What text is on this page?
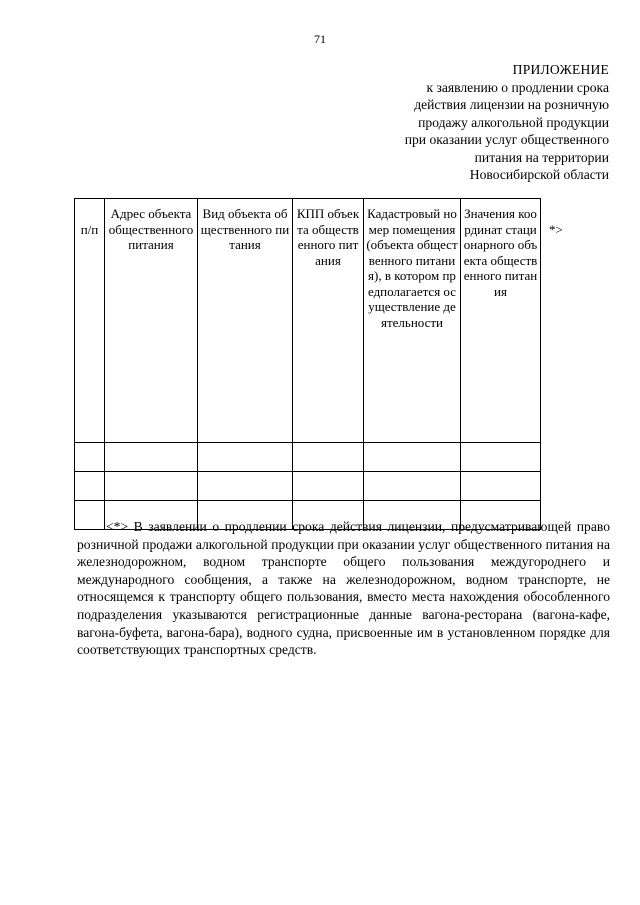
71
ПРИЛОЖЕНИЕ
к заявлению о продлении срока
действия лицензии на розничную
продажу алкогольной продукции
при оказании услуг общественного
питания на территории
Новосибирской области
п/п	Адрес объекта общественного питания	Вид объекта общественного питания	КПП объекта общественного питания	Кадастровый номер помещения (объекта общественного питания), в котором предполагается осуществление деятельности	Значения координат стационарного объекта общественного питания

*>

<*> В заявлении о продлении срока действия лицензии, предусматривающей право розничной продажи алкогольной продукции при оказании услуг общественного питания на железнодорожном, водном транспорте общего пользования междугороднего и международного сообщения, а также на железнодорожном, водном транспорте, не относящемся к транспорту общего пользования, вместо места нахождения обособленного подразделения указываются регистрационные данные вагона-ресторана (вагона-кафе, вагона-буфета, вагона-бара), водного судна, присвоенные им в установленном порядке для соответствующих транспортных средств.
